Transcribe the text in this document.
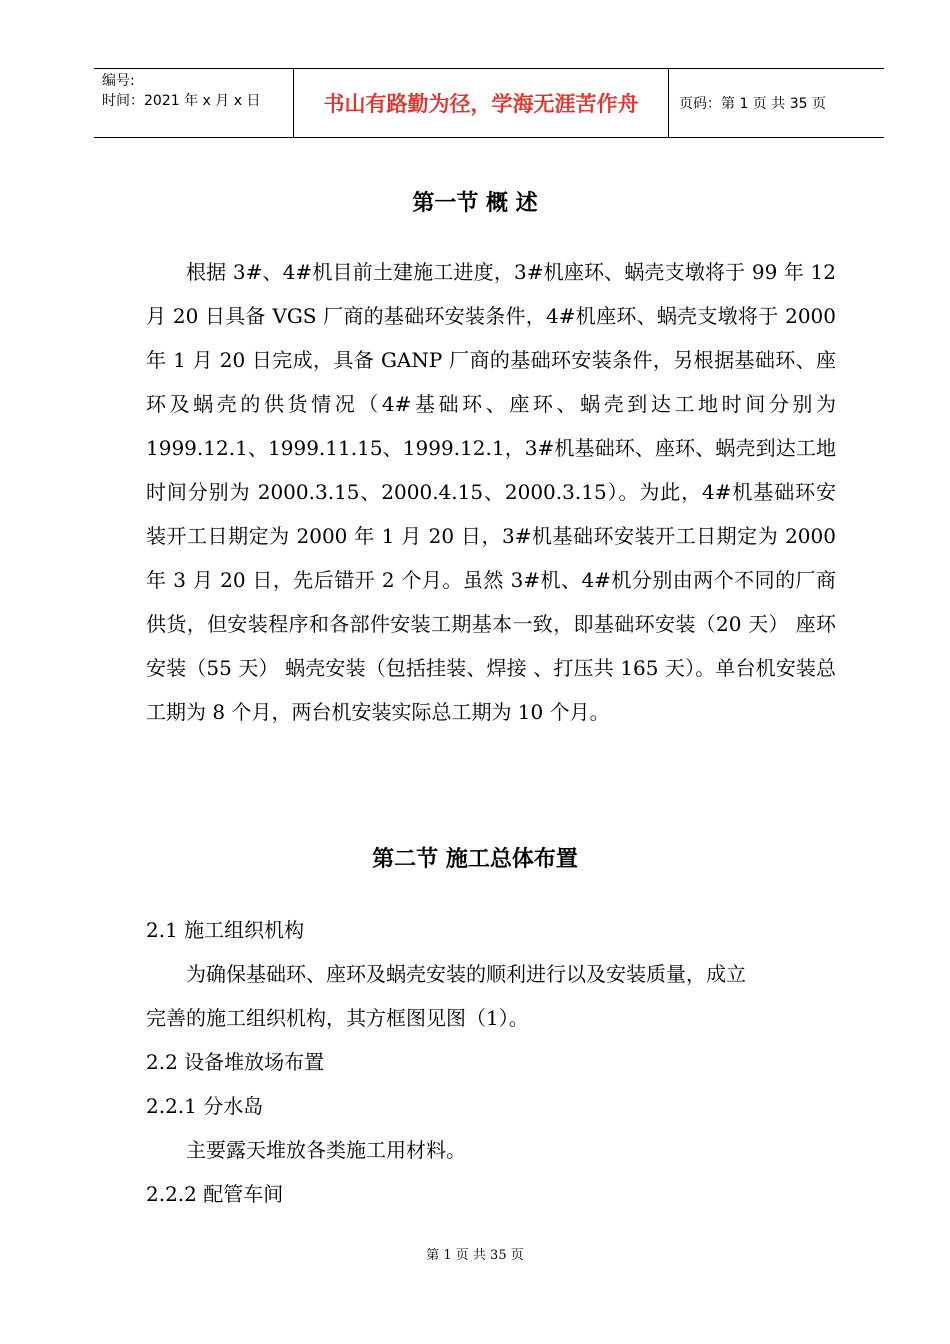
编号:
时间：2021 年 x 月 x 日	书山有路勤为径，学海无涯苦作舟	页码：第 1 页 共 35 页
第一节 概 述

根据 3#、4#机目前土建施工进度，3#机座环、蜗壳支墩将于 99 年 12 月 20 日具备 VGS 厂商的基础环安装条件，4#机座环、蜗壳支墩将于 2000 年 1 月 20 日完成，具备 GANP 厂商的基础环安装条件，另根据基础环、座环及蜗壳的供货情况（4#基础环、座环、蜗壳到达工地时间分别为 1999.12.1、1999.11.15、1999.12.1，3#机基础环、座环、蜗壳到达工地时间分别为 2000.3.15、2000.4.15、2000.3.15）。为此，4#机基础环安装开工日期定为 2000 年 1 月 20 日，3#机基础环安装开工日期定为 2000 年 3 月 20 日，先后错开 2 个月。虽然 3#机、4#机分别由两个不同的厂商供货，但安装程序和各部件安装工期基本一致，即基础环安装（20 天） 座环安装（55 天） 蜗壳安装（包括挂装、焊接 、打压共 165 天）。单台机安装总工期为 8 个月，两台机安装实际总工期为 10 个月。

第二节 施工总体布置
2.1 施工组织机构
为确保基础环、座环及蜗壳安装的顺利进行以及安装质量，成立
完善的施工组织机构，其方框图见图（1）。
2.2 设备堆放场布置
2.2.1 分水岛
主要露天堆放各类施工用材料。
2.2.2 配管车间
第 1 页 共 35 页
